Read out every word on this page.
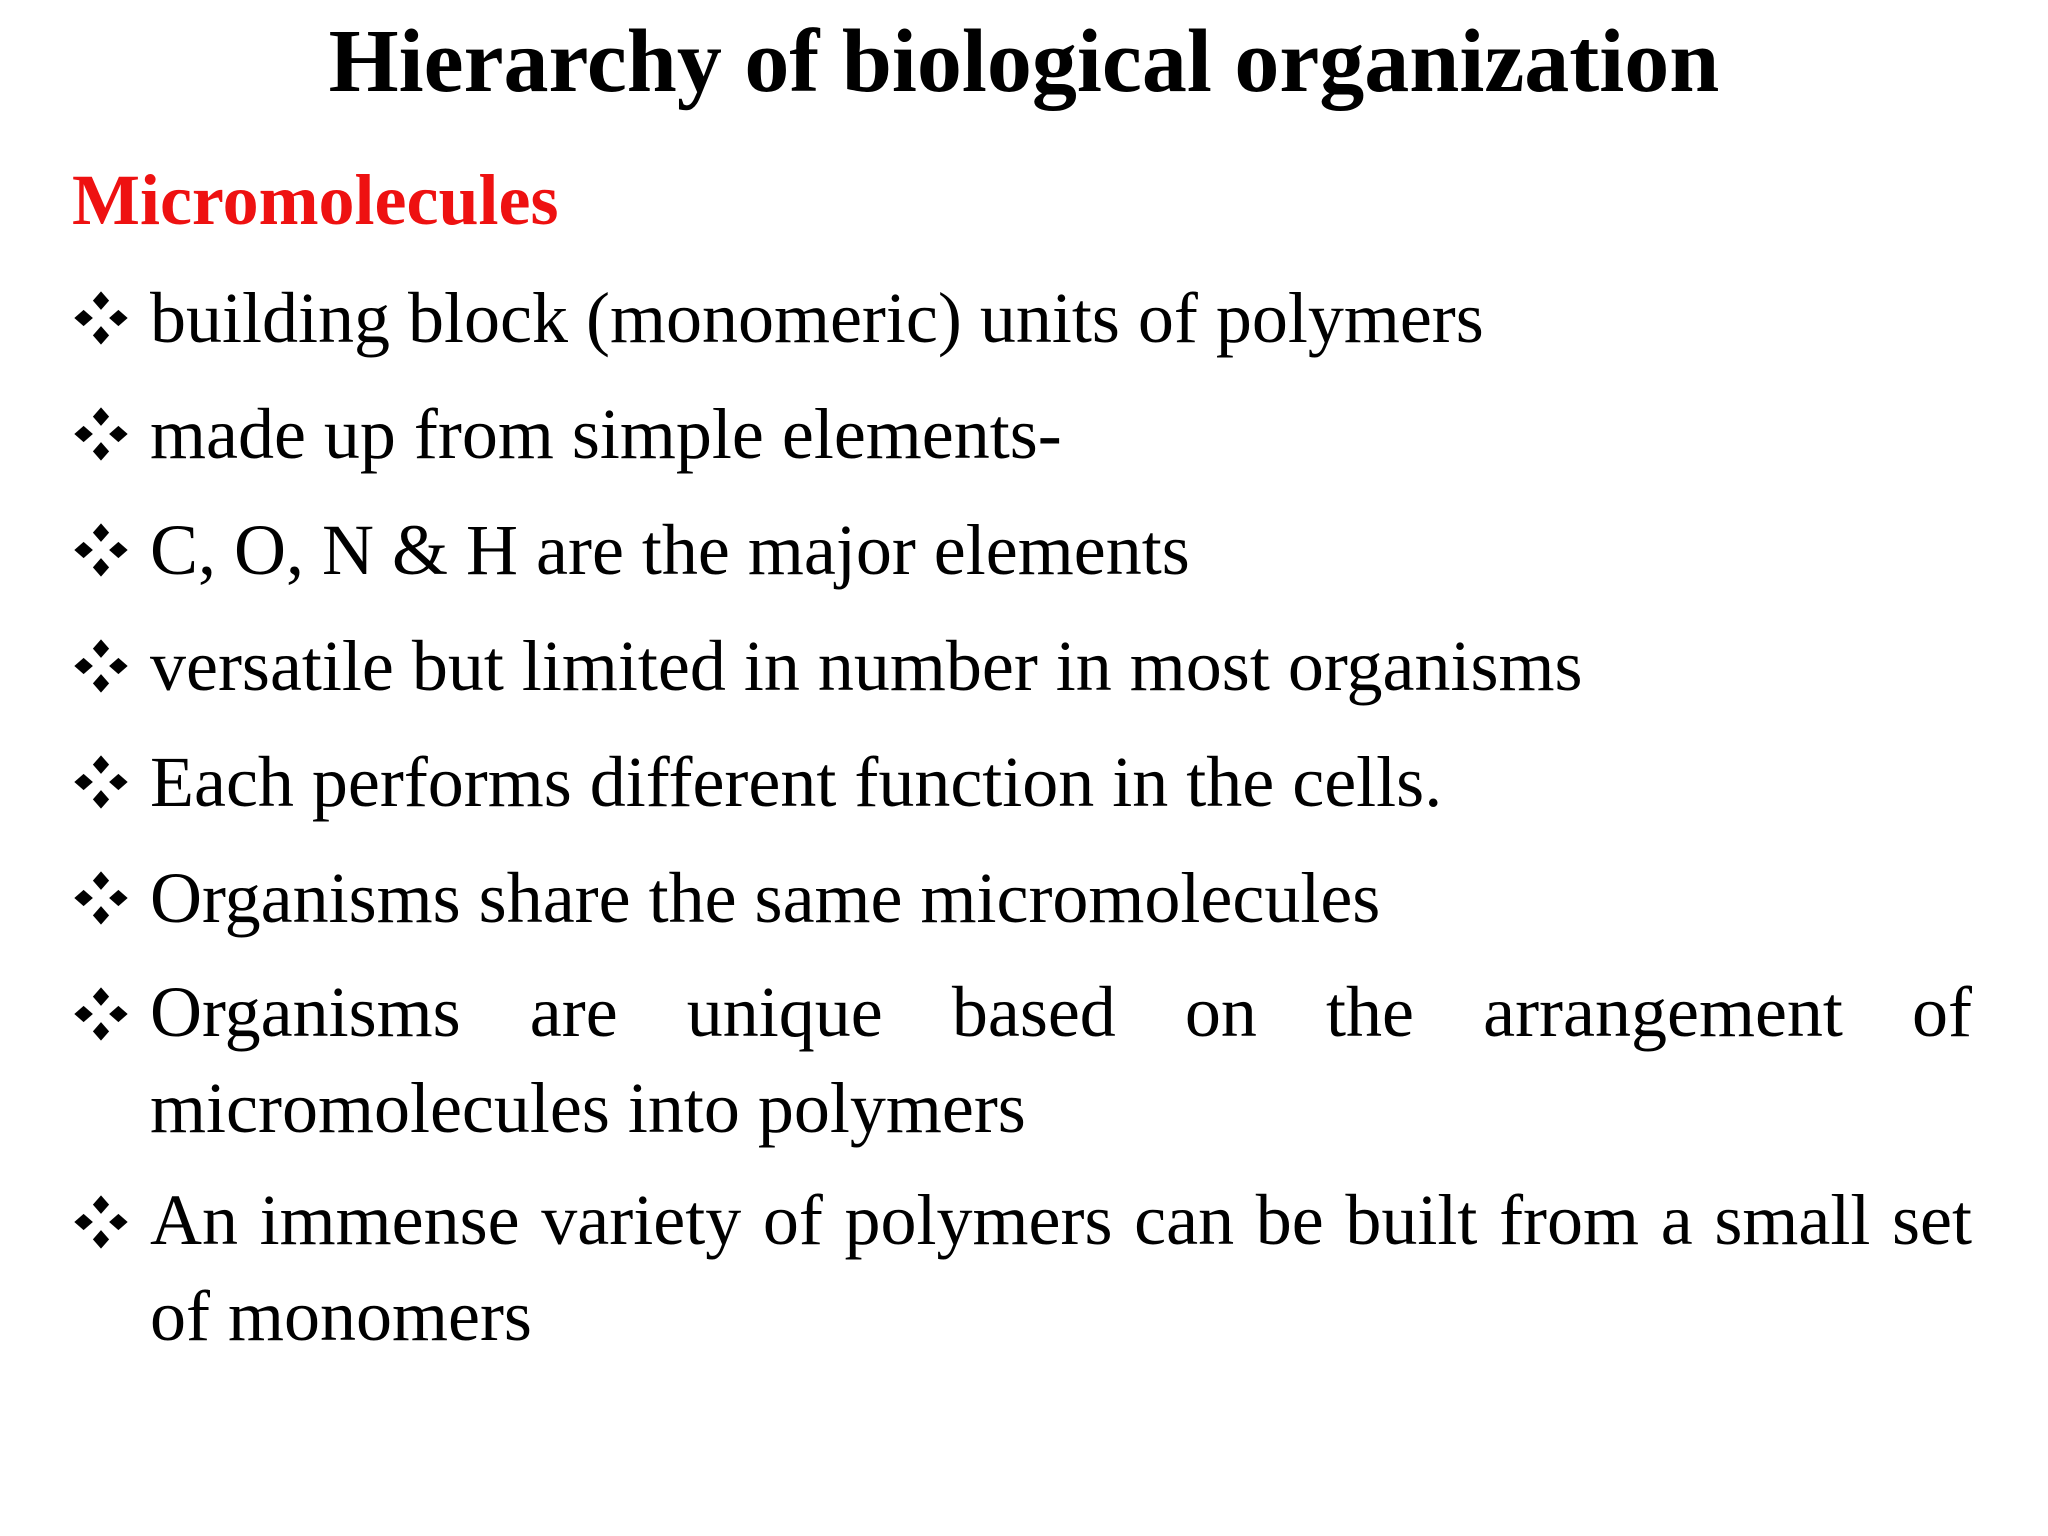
Hierarchy of biological organization
Micromolecules
building block (monomeric) units of polymers
made up from simple elements-
C, O, N & H are the major elements
versatile but limited in number in most organisms
Each performs different function in the cells.
Organisms share the same micromolecules
Organisms are unique based on the arrangement of micromolecules into polymers
An immense variety of polymers can be built from a small set of monomers
